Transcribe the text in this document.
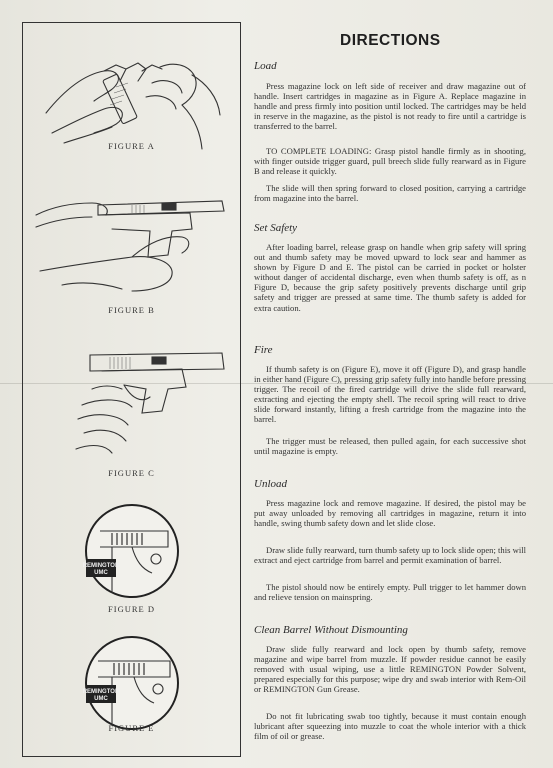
FIGURE A
FIGURE B
FIGURE C
REMINGTON
UMC
FIGURE D
REMINGTON
UMC
FIGURE E
DIRECTIONS
Load
Press magazine lock on left side of receiver and draw magazine out of handle. Insert cartridges in magazine as in Figure A. Replace magazine in handle and press firmly into position until locked. The cartridges may be held in reserve in the magazine, as the pistol is not ready to fire until a cartridge is transferred to the barrel.
TO COMPLETE LOADING: Grasp pistol handle firmly as in shooting, with finger outside trigger guard, pull breech slide fully rearward as in Figure B and release it quickly.
The slide will then spring forward to closed position, carrying a cartridge from magazine into the barrel.
Set Safety
After loading barrel, release grasp on handle when grip safety will spring out and thumb safety may be moved upward to lock sear and hammer as shown by Figure D and E. The pistol can be carried in pocket or holster without danger of accidental discharge, even when thumb safety is off, as n Figure D, because the grip safety positively prevents discharge until grip safety and trigger are pressed at same time. The thumb safety is added for extra caution.
Fire
If thumb safety is on (Figure E), move it off (Figure D), and grasp handle in either hand (Figure C), pressing grip safety fully into handle before pressing trigger. The recoil of the fired cartridge will drive the slide full rearward, extracting and ejecting the empty shell. The recoil spring will react to drive slide forward instantly, lifting a fresh cartridge from the magazine into the barrel.
The trigger must be released, then pulled again, for each successive shot until magazine is empty.
Unload
Press magazine lock and remove magazine. If desired, the pistol may be put away unloaded by removing all cartridges in magazine, return it into handle, swing thumb safety down and let slide close.
Draw slide fully rearward, turn thumb safety up to lock slide open; this will extract and eject cartridge from barrel and permit examination of barrel.
The pistol should now be entirely empty. Pull trigger to let hammer down and relieve tension on mainspring.
Clean Barrel Without Dismounting
Draw slide fully rearward and lock open by thumb safety, remove magazine and wipe barrel from muzzle. If powder residue cannot be easily removed with usual wiping, use a little REMINGTON Powder Solvent, prepared especially for this purpose; wipe dry and swab interior with Rem-Oil or REMINGTON Gun Grease.
Do not fit lubricating swab too tightly, because it must contain enough lubricant after squeezing into muzzle to coat the whole interior with a thick film of oil or grease.
